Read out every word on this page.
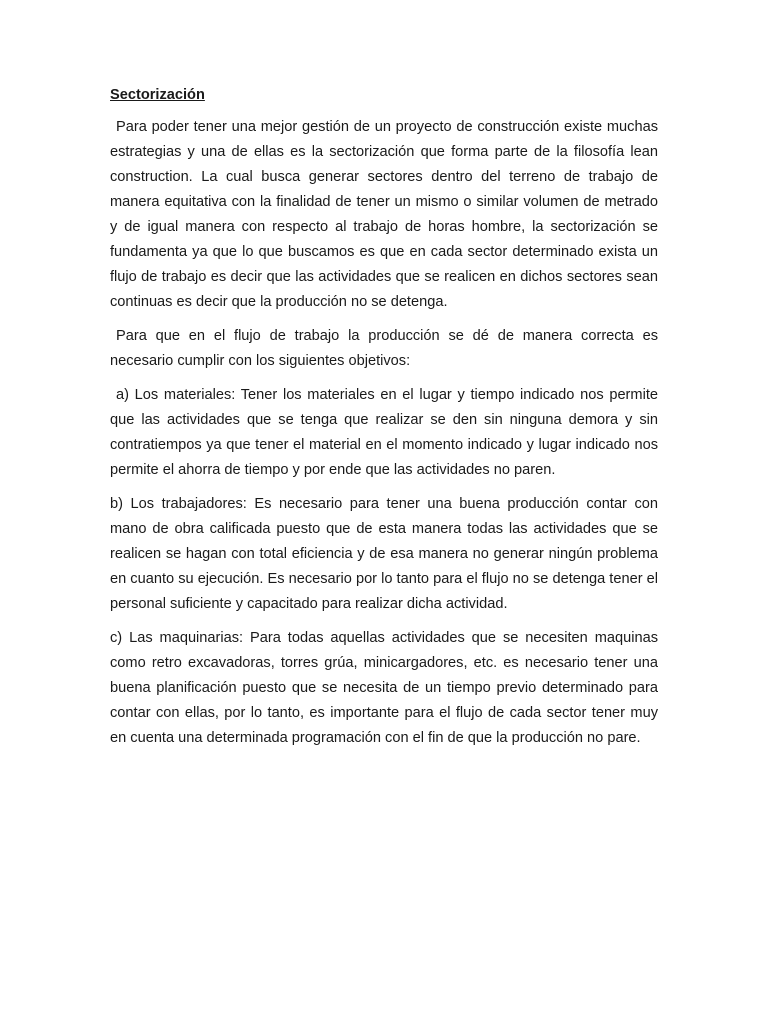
Sectorización

Para poder tener una mejor gestión de un proyecto de construcción existe muchas estrategias y una de ellas es la sectorización que forma parte de la filosofía lean construction. La cual busca generar sectores dentro del terreno de trabajo de manera equitativa con la finalidad de tener un mismo o similar volumen de metrado y de igual manera con respecto al trabajo de horas hombre, la sectorización se fundamenta ya que lo que buscamos es que en cada sector determinado exista un flujo de trabajo es decir que las actividades que se realicen en dichos sectores sean continuas es decir que la producción no se detenga.

Para que en el flujo de trabajo la producción se dé de manera correcta es necesario cumplir con los siguientes objetivos:

a) Los materiales: Tener los materiales en el lugar y tiempo indicado nos permite que las actividades que se tenga que realizar se den sin ninguna demora y sin contratiempos ya que tener el material en el momento indicado y lugar indicado nos permite el ahorra de tiempo y por ende que las actividades no paren.

b) Los trabajadores: Es necesario para tener una buena producción contar con mano de obra calificada puesto que de esta manera todas las actividades que se realicen se hagan con total eficiencia y de esa manera no generar ningún problema en cuanto su ejecución. Es necesario por lo tanto para el flujo no se detenga tener el personal suficiente y capacitado para realizar dicha actividad.

c) Las maquinarias: Para todas aquellas actividades que se necesiten maquinas como retro excavadoras, torres grúa, minicargadores, etc. es necesario tener una buena planificación puesto que se necesita de un tiempo previo determinado para contar con ellas, por lo tanto, es importante para el flujo de cada sector tener muy en cuenta una determinada programación con el fin de que la producción no pare.
